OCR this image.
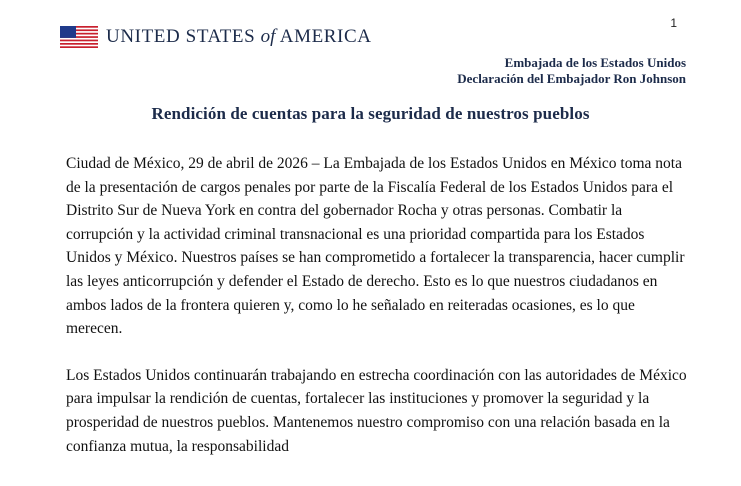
1
UNITED STATES of AMERICA
Embajada de los Estados Unidos
Declaración del Embajador Ron Johnson
Rendición de cuentas para la seguridad de nuestros pueblos

Ciudad de México, 29 de abril de 2026 – La Embajada de los Estados Unidos en México toma nota de la presentación de cargos penales por parte de la Fiscalía Federal de los Estados Unidos para el Distrito Sur de Nueva York en contra del gobernador Rocha y otras personas. Combatir la corrupción y la actividad criminal transnacional es una prioridad compartida para los Estados Unidos y México. Nuestros países se han comprometido a fortalecer la transparencia, hacer cumplir las leyes anticorrupción y defender el Estado de derecho. Esto es lo que nuestros ciudadanos en ambos lados de la frontera quieren y, como lo he señalado en reiteradas ocasiones, es lo que merecen.

Los Estados Unidos continuarán trabajando en estrecha coordinación con las autoridades de México para impulsar la rendición de cuentas, fortalecer las instituciones y promover la seguridad y la prosperidad de nuestros pueblos. Mantenemos nuestro compromiso con una relación basada en la confianza mutua, la responsabilidad
